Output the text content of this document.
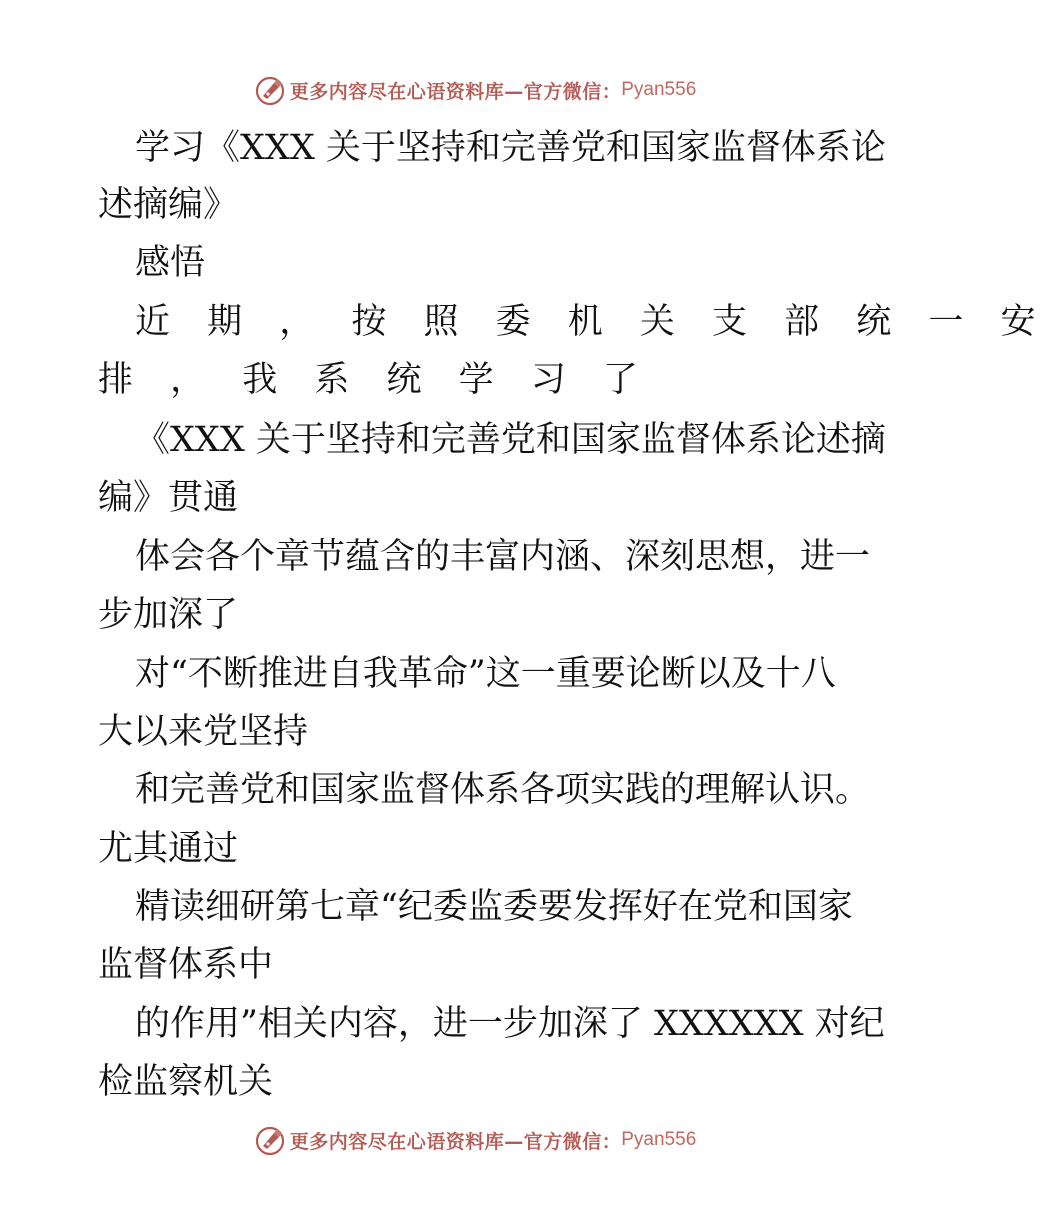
更多内容尽在心语资料库—官方微信： Pyan556
学习《XXX 关于坚持和完善党和国家监督体系论
述摘编》
感悟
近 期 ， 按 照 委 机 关 支 部 统 一 安
排 ， 我 系 统 学 习 了
《XXX 关于坚持和完善党和国家监督体系论述摘
编》贯通
体会各个章节蕴含的丰富内涵、深刻思想，进一
步加深了
对“不断推进自我革命”这一重要论断以及十八
大以来党坚持
和完善党和国家监督体系各项实践的理解认识。
尤其通过
精读细研第七章“纪委监委要发挥好在党和国家
监督体系中
的作用”相关内容，进一步加深了 XXXXXX 对纪
检监察机关
更多内容尽在心语资料库—官方微信： Pyan556
